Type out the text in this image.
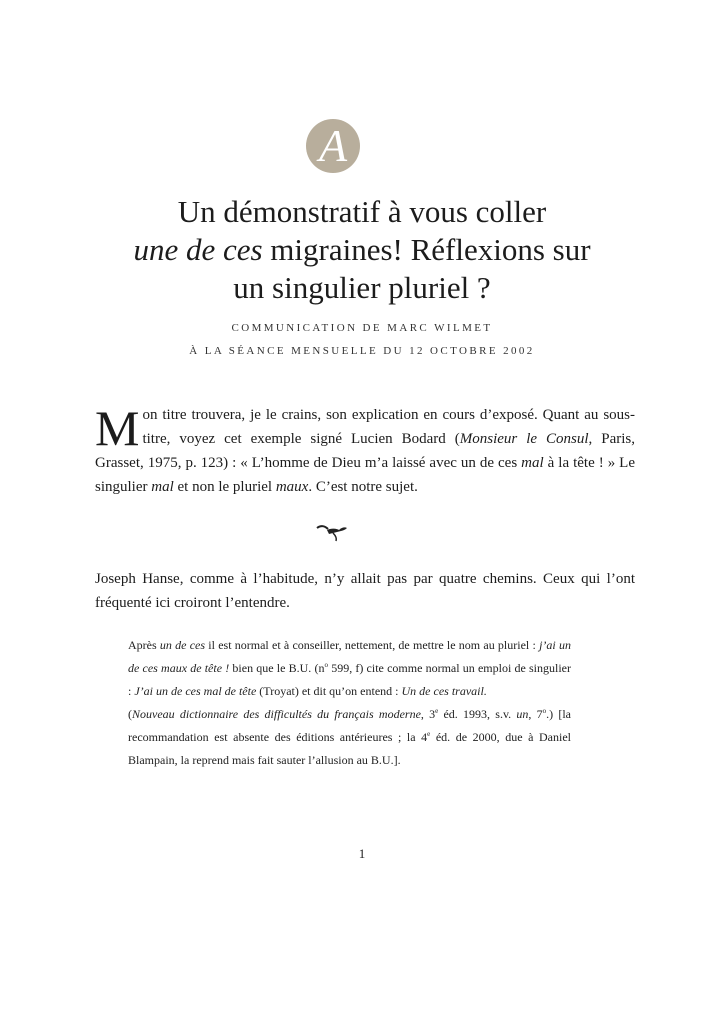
A
Un démonstratif à vous coller
une de ces migraines! Réflexions sur
un singulier pluriel ?
COMMUNICATION DE MARC WILMET
À LA SÉANCE MENSUELLE DU 12 OCTOBRE 2002

Mon titre trouvera, je le crains, son explication en cours d’exposé. Quant au sous-titre, voyez cet exemple signé Lucien Bodard (Monsieur le Consul, Paris, Grasset, 1975, p. 123) : « L’homme de Dieu m’a laissé avec un de ces mal à la tête ! » Le singulier mal et non le pluriel maux. C’est notre sujet.

Joseph Hanse, comme à l’habitude, n’y allait pas par quatre chemins. Ceux qui l’ont fréquenté ici croiront l’entendre.

Après un de ces il est normal et à conseiller, nettement, de mettre le nom au pluriel : j’ai un de ces maux de tête ! bien que le B.U. ($n^o$ 599, f) cite comme normal un emploi de singulier : J’ai un de ces mal de tête (Troyat) et dit qu’on entend : Un de ces travail.

(Nouveau dictionnaire des difficultés du français moderne, 3e éd. 1993, s.v. un, 7$^o$.) [la recommandation est absente des éditions antérieures ; la 4e éd. de 2000, due à Daniel Blampain, la reprend mais fait sauter l’allusion au B.U.].

1
